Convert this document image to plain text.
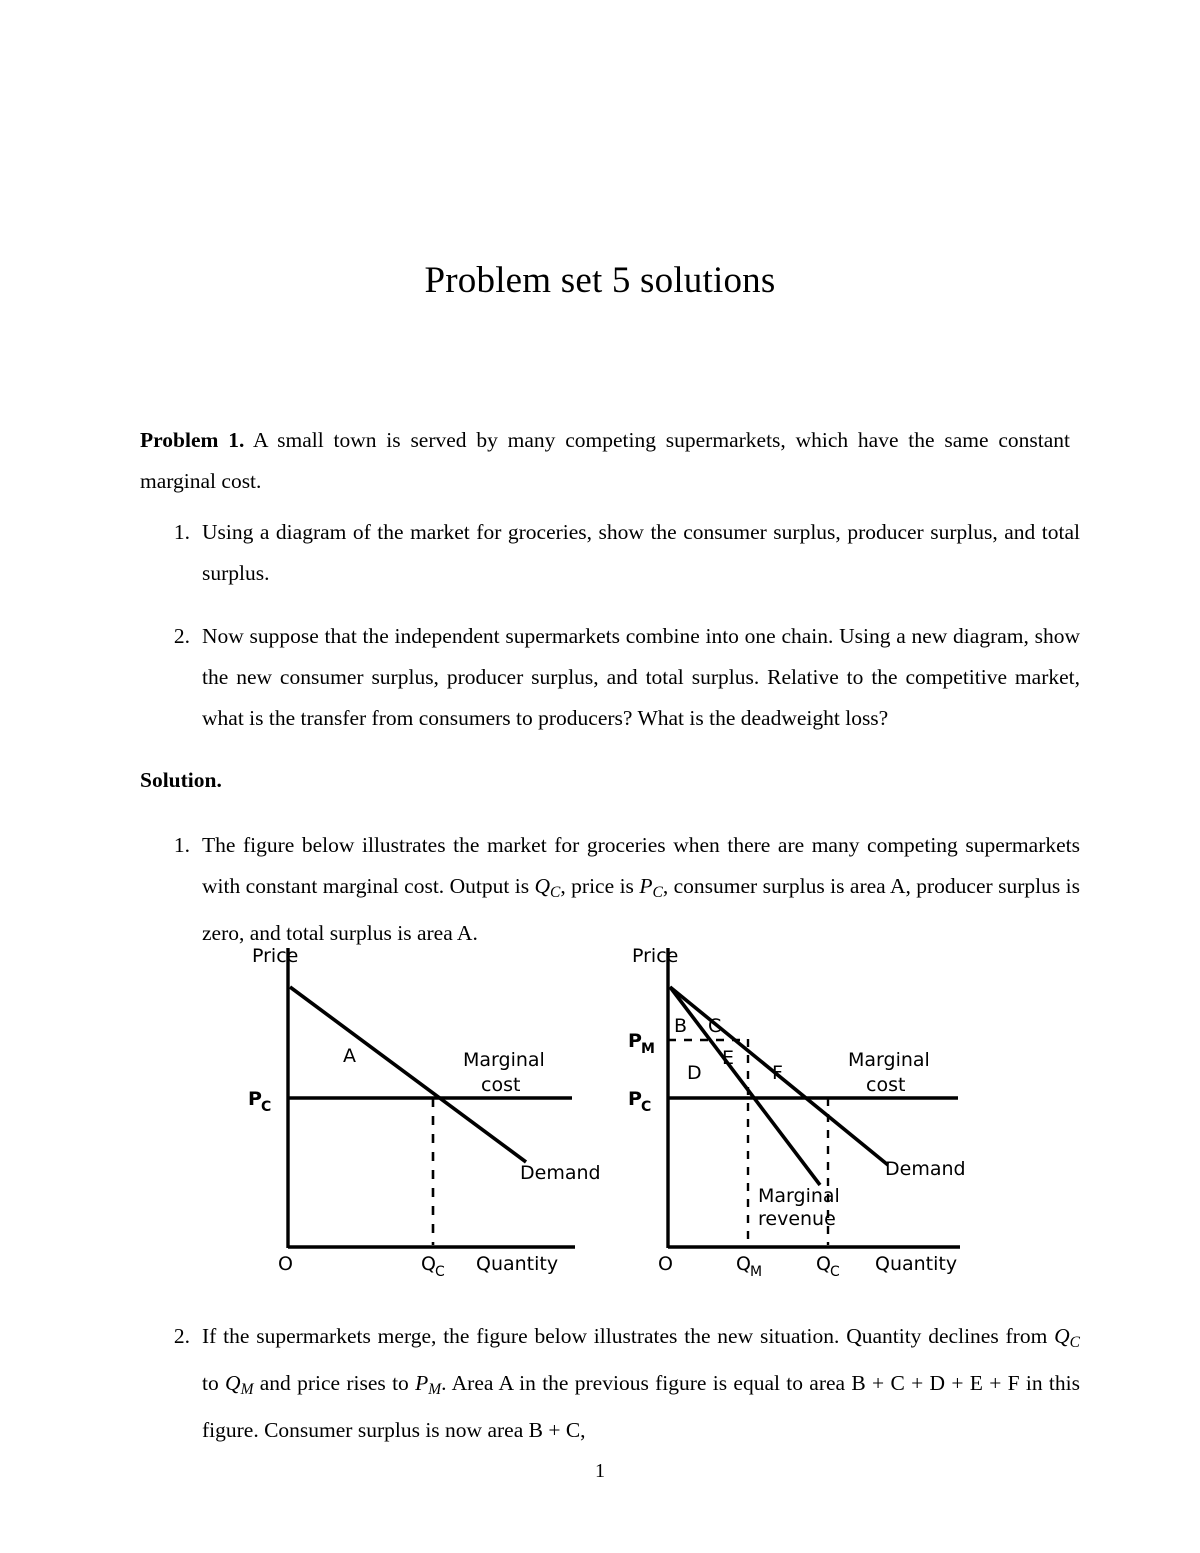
Problem set 5 solutions
Problem 1. A small town is served by many competing supermarkets, which have the same constant marginal cost.
1. Using a diagram of the market for groceries, show the consumer surplus, producer surplus, and total surplus.
2. Now suppose that the independent supermarkets combine into one chain. Using a new diagram, show the new consumer surplus, producer surplus, and total surplus. Relative to the competitive market, what is the transfer from consumers to producers? What is the deadweight loss?
Solution.
1. The figure below illustrates the market for groceries when there are many competing supermarkets with constant marginal cost. Output is $Q_C$, price is $P_C$, consumer surplus is area A, producer surplus is zero, and total surplus is area A.
Price
P C
A	Marginal
cost
Demand
O	Q C Quantity
Price
P M
P C
B C
E
D	F
Marginal
cost
Demand
Marginal
revenue
O	Q M	Q C Quantity
2. If the supermarkets merge, the figure below illustrates the new situation. Quantity declines from $Q_C$ to $Q_M$ and price rises to $P_M$. Area A in the previous figure is equal to area B + C + D + E + F in this figure. Consumer surplus is now area B + C,
1
